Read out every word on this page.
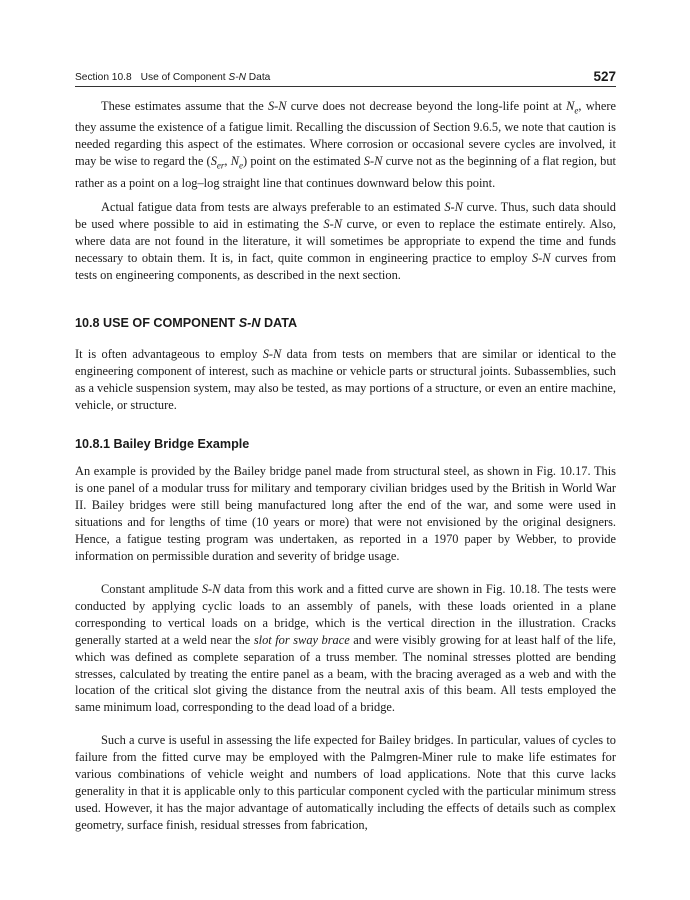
Section 10.8 Use of Component S-N Data	527

These estimates assume that the S-N curve does not decrease beyond the long-life point at $N_e$, where they assume the existence of a fatigue limit. Recalling the discussion of Section 9.6.5, we note that caution is needed regarding this aspect of the estimates. Where corrosion or occasional severe cycles are involved, it may be wise to regard the ($S_{er}$, $N_e$) point on the estimated S-N curve not as the beginning of a flat region, but rather as a point on a log–log straight line that continues downward below this point.

Actual fatigue data from tests are always preferable to an estimated S-N curve. Thus, such data should be used where possible to aid in estimating the S-N curve, or even to replace the estimate entirely. Also, where data are not found in the literature, it will sometimes be appropriate to expend the time and funds necessary to obtain them. It is, in fact, quite common in engineering practice to employ S-N curves from tests on engineering components, as described in the next section.

10.8 USE OF COMPONENT S-N DATA

It is often advantageous to employ S-N data from tests on members that are similar or identical to the engineering component of interest, such as machine or vehicle parts or structural joints. Subassemblies, such as a vehicle suspension system, may also be tested, as may portions of a structure, or even an entire machine, vehicle, or structure.

10.8.1 Bailey Bridge Example

An example is provided by the Bailey bridge panel made from structural steel, as shown in Fig. 10.17. This is one panel of a modular truss for military and temporary civilian bridges used by the British in World War II. Bailey bridges were still being manufactured long after the end of the war, and some were used in situations and for lengths of time (10 years or more) that were not envisioned by the original designers. Hence, a fatigue testing program was undertaken, as reported in a 1970 paper by Webber, to provide information on permissible duration and severity of bridge usage.

Constant amplitude S-N data from this work and a fitted curve are shown in Fig. 10.18. The tests were conducted by applying cyclic loads to an assembly of panels, with these loads oriented in a plane corresponding to vertical loads on a bridge, which is the vertical direction in the illustration. Cracks generally started at a weld near the slot for sway brace and were visibly growing for at least half of the life, which was defined as complete separation of a truss member. The nominal stresses plotted are bending stresses, calculated by treating the entire panel as a beam, with the bracing averaged as a web and with the location of the critical slot giving the distance from the neutral axis of this beam. All tests employed the same minimum load, corresponding to the dead load of a bridge.

Such a curve is useful in assessing the life expected for Bailey bridges. In particular, values of cycles to failure from the fitted curve may be employed with the Palmgren-Miner rule to make life estimates for various combinations of vehicle weight and numbers of load applications. Note that this curve lacks generality in that it is applicable only to this particular component cycled with the particular minimum stress used. However, it has the major advantage of automatically including the effects of details such as complex geometry, surface finish, residual stresses from fabrication,
